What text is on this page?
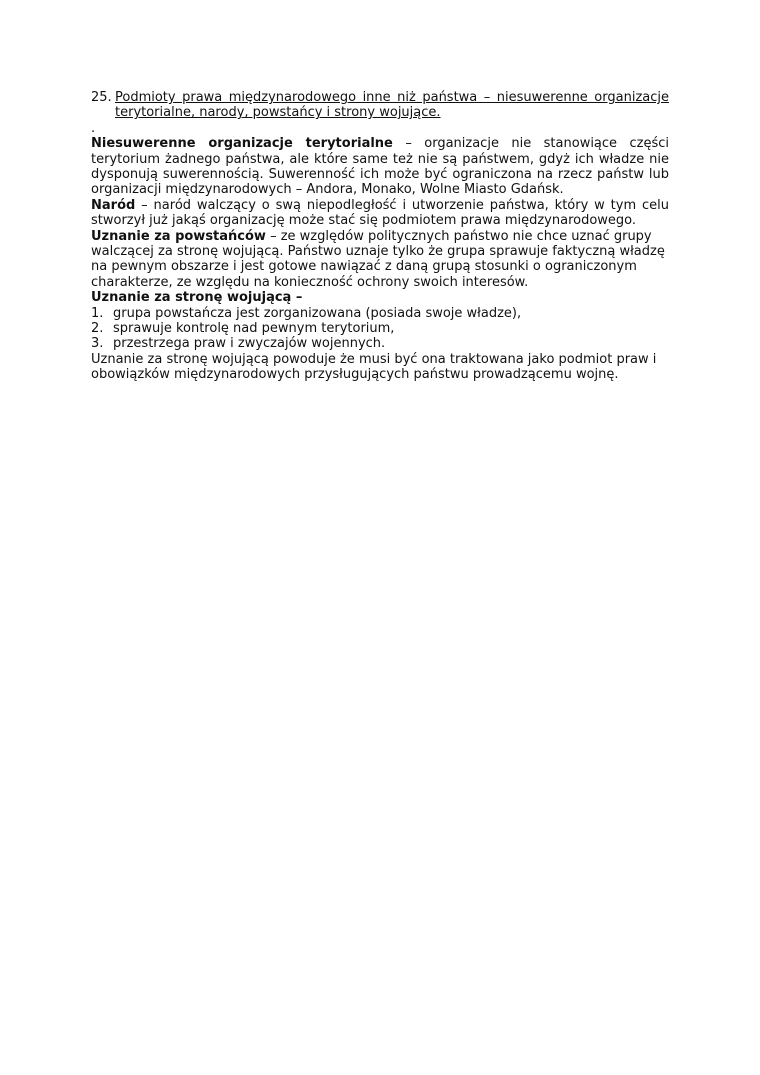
25. Podmioty prawa międzynarodowego inne niż państwa – niesuwerenne organizacje
terytorialne, narody, powstańcy i strony wojujące.
.
Niesuwerenne organizacje terytorialne – organizacje nie stanowiące części
terytorium żadnego państwa, ale które same też nie są państwem, gdyż ich władze nie
dysponują suwerennością. Suwerenność ich może być ograniczona na rzecz państw lub
organizacji międzynarodowych – Andora, Monako, Wolne Miasto Gdańsk.
Naród – naród walczący o swą niepodległość i utworzenie państwa, który w tym celu
stworzył już jakąś organizację może stać się podmiotem prawa międzynarodowego.
Uznanie za powstańców – ze względów politycznych państwo nie chce uznać grupy
walczącej za stronę wojującą. Państwo uznaje tylko że grupa sprawuje faktyczną władzę
na pewnym obszarze i jest gotowe nawiązać z daną grupą stosunki o ograniczonym
charakterze, ze względu na konieczność ochrony swoich interesów.
Uznanie za stronę wojującą –
1. grupa powstańcza jest zorganizowana (posiada swoje władze),
2. sprawuje kontrolę nad pewnym terytorium,
3. przestrzega praw i zwyczajów wojennych.
Uznanie za stronę wojującą powoduje że musi być ona traktowana jako podmiot praw i
obowiązków międzynarodowych przysługujących państwu prowadzącemu wojnę.
